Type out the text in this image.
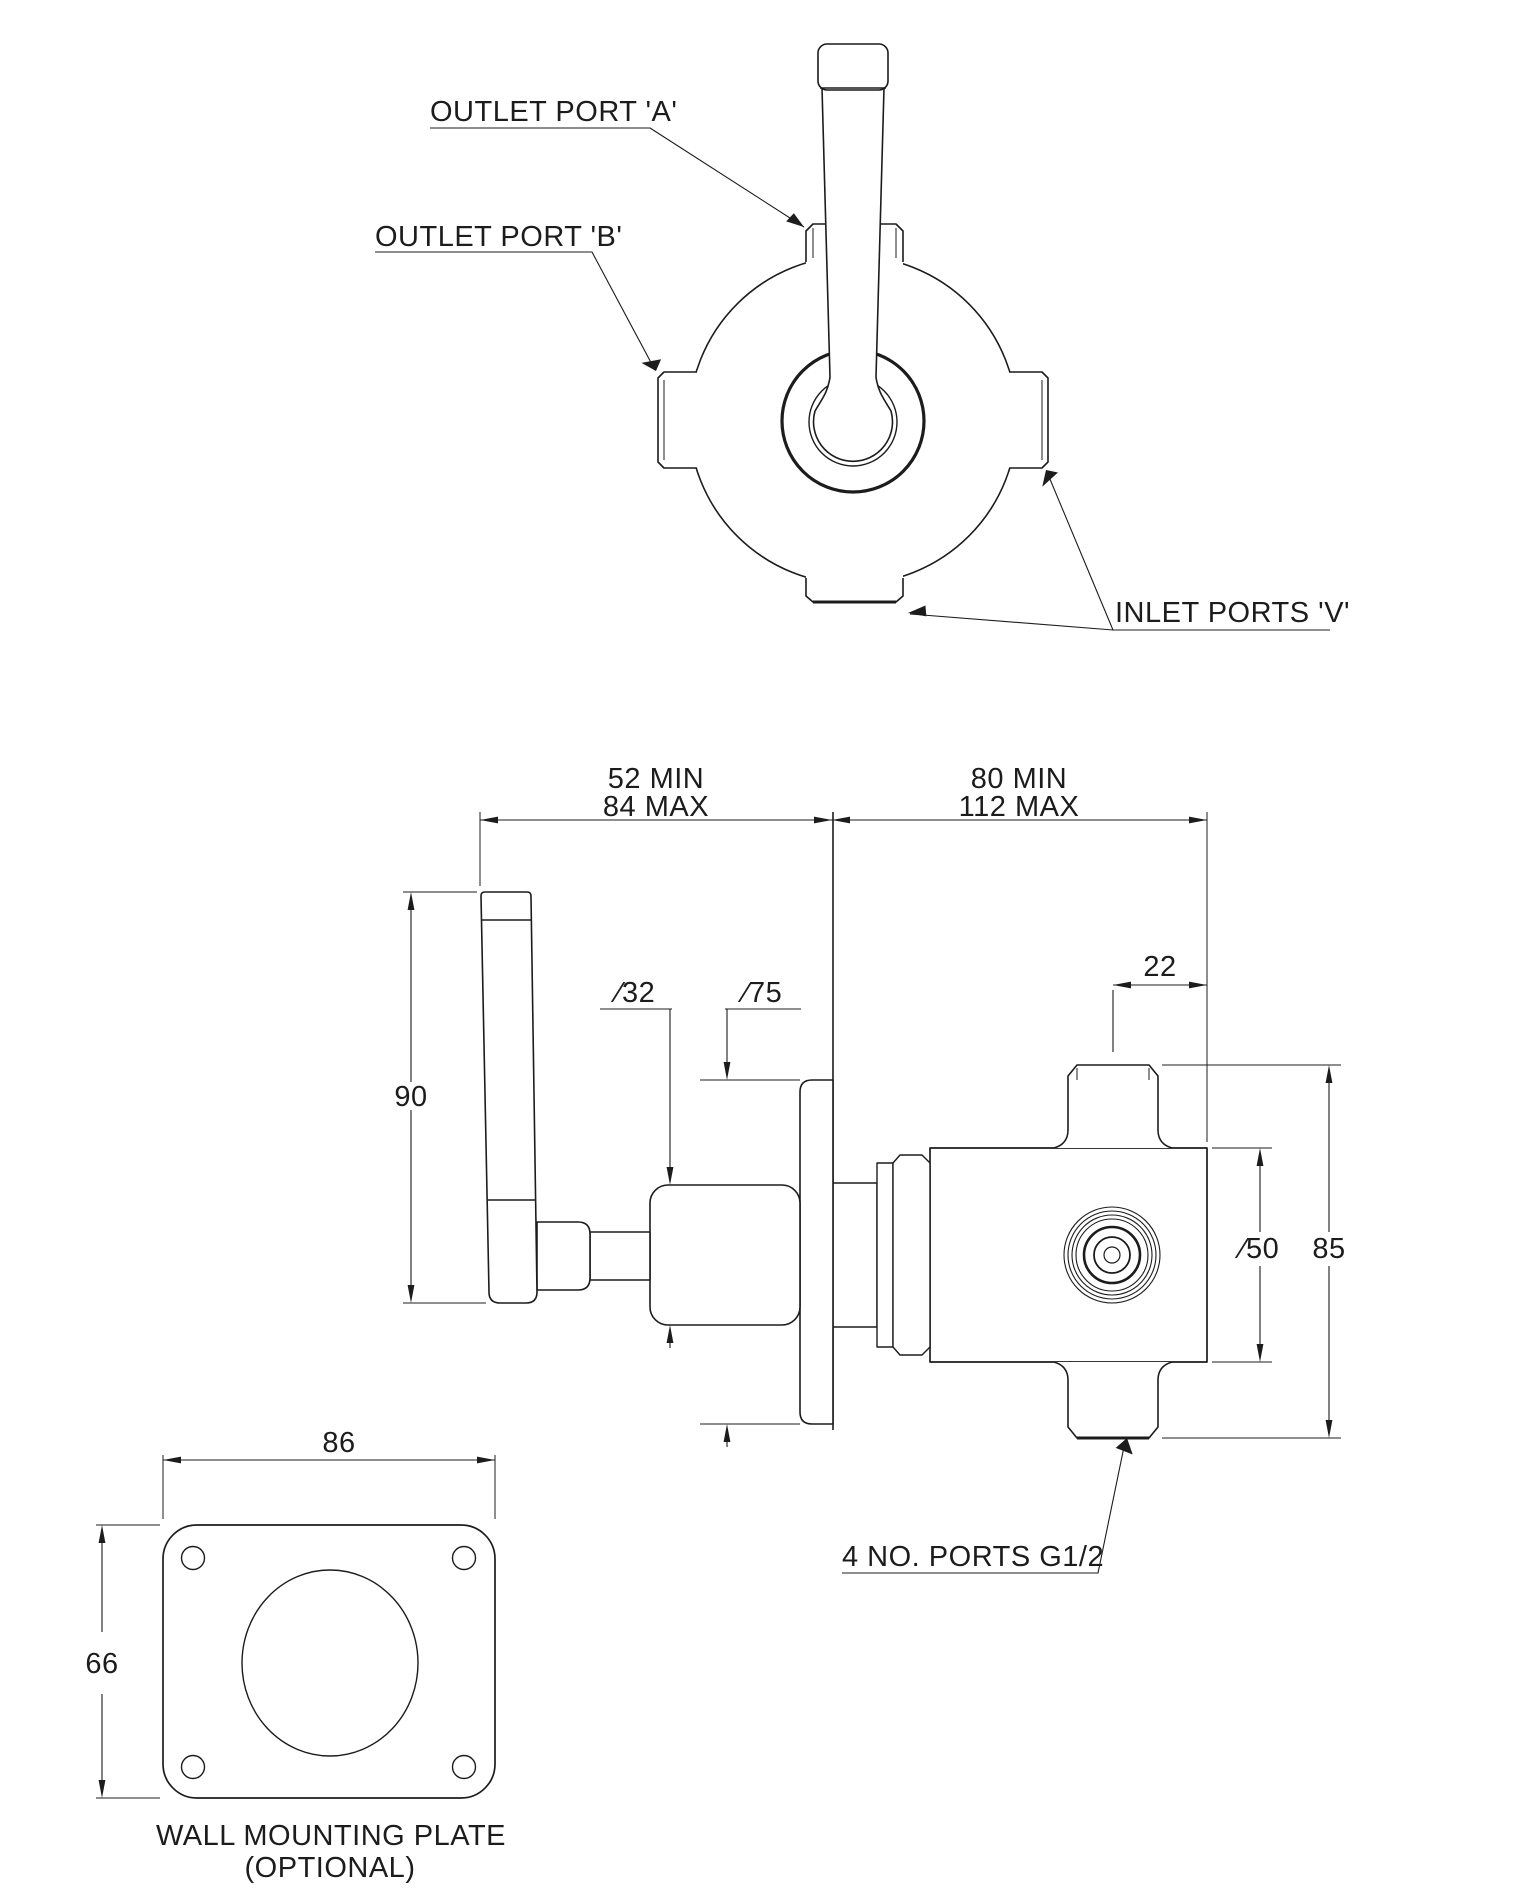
OUTLET PORT 'A'
OUTLET PORT 'B'
INLET PORTS 'V'
52 MIN
84 MAX
80 MIN
112 MAX
90
∕32	∕75
22
∕50 85
4 NO. PORTS G1/2
86
66
WALL MOUNTING PLATE
(OPTIONAL)
